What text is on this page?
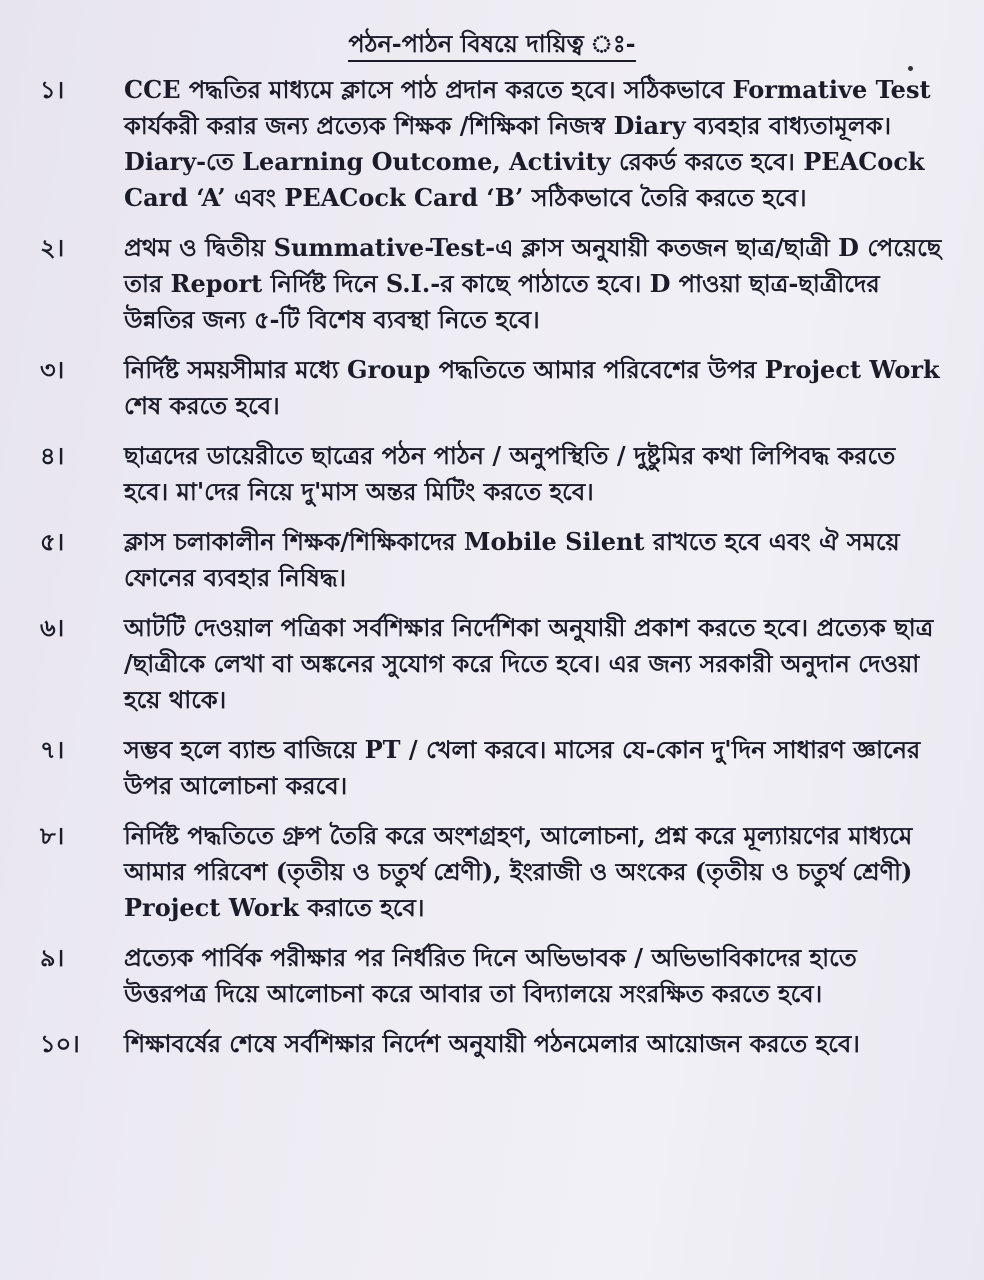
পঠন-পাঠন বিষয়ে দায়িত্ব ঃ-
১।	CCE পদ্ধতির মাধ্যমে ক্লাসে পাঠ প্রদান করতে হবে। সঠিকভাবে Formative Test কার্যকরী করার জন্য প্রত্যেক শিক্ষক /শিক্ষিকা নিজস্ব Diary ব্যবহার বাধ্যতামূলক। Diary-তে Learning Outcome, Activity রেকর্ড করতে হবে। PEACock Card ‘A’ এবং PEACock Card ‘B’ সঠিকভাবে তৈরি করতে হবে।
২।	প্রথম ও দ্বিতীয় Summative-Test-এ ক্লাস অনুযায়ী কতজন ছাত্র/ছাত্রী D পেয়েছে তার Report নির্দিষ্ট দিনে S.I.-র কাছে পাঠাতে হবে। D পাওয়া ছাত্র-ছাত্রীদের উন্নতির জন্য ৫-টি বিশেষ ব্যবস্থা নিতে হবে।
৩।	নির্দিষ্ট সময়সীমার মধ্যে Group পদ্ধতিতে আমার পরিবেশের উপর Project Work শেষ করতে হবে।
৪।	ছাত্রদের ডায়েরীতে ছাত্রের পঠন পাঠন / অনুপস্থিতি / দুষ্টুমির কথা লিপিবদ্ধ করতে হবে। মা'দের নিয়ে দু'মাস অন্তর মিটিং করতে হবে।
৫।	ক্লাস চলাকালীন শিক্ষক/শিক্ষিকাদের Mobile Silent রাখতে হবে এবং ঐ সময়ে ফোনের ব্যবহার নিষিদ্ধ।
৬।	আটটি দেওয়াল পত্রিকা সর্বশিক্ষার নির্দেশিকা অনুযায়ী প্রকাশ করতে হবে। প্রত্যেক ছাত্র /ছাত্রীকে লেখা বা অঙ্কনের সুযোগ করে দিতে হবে। এর জন্য সরকারী অনুদান দেওয়া হয়ে থাকে।
৭।	সম্ভব হলে ব্যান্ড বাজিয়ে PT / খেলা করবে। মাসের যে-কোন দু'দিন সাধারণ জ্ঞানের উপর আলোচনা করবে।
৮।	নির্দিষ্ট পদ্ধতিতে গ্রুপ তৈরি করে অংশগ্রহণ, আলোচনা, প্রশ্ন করে মূল্যায়ণের মাধ্যমে আমার পরিবেশ (তৃতীয় ও চতুর্থ শ্রেণী), ইংরাজী ও অংকের (তৃতীয় ও চতুর্থ শ্রেণী) Project Work করাতে হবে।
৯।	প্রত্যেক পার্বিক পরীক্ষার পর নির্ধরিত দিনে অভিভাবক / অভিভাবিকাদের হাতে উত্তরপত্র দিয়ে আলোচনা করে আবার তা বিদ্যালয়ে সংরক্ষিত করতে হবে।
১০।	শিক্ষাবর্ষের শেষে সর্বশিক্ষার নির্দেশ অনুযায়ী পঠনমেলার আয়োজন করতে হবে।
